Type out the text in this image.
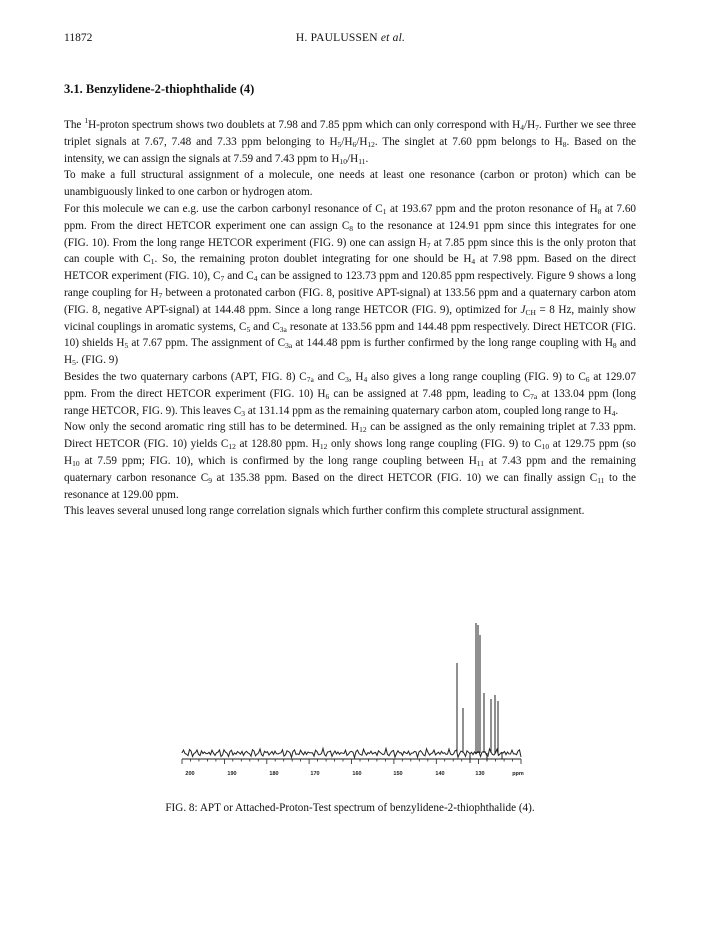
11872	H. PAULUSSEN et al.
3.1. Benzylidene-2-thiophthalide (4)

The $^1$H-proton spectrum shows two doublets at 7.98 and 7.85 ppm which can only correspond with $H_4/H_7$. Further we see three triplet signals at 7.67, 7.48 and 7.33 ppm belonging to $H_5/H_6/H_{12}$. The singlet at 7.60 ppm belongs to $H_8$. Based on the intensity, we can assign the signals at 7.59 and 7.43 ppm to $H_{10}/H_{11}$.

To make a full structural assignment of a molecule, one needs at least one resonance (carbon or proton) which can be unambiguously linked to one carbon or hydrogen atom.

For this molecule we can e.g. use the carbon carbonyl resonance of $C_1$ at 193.67 ppm and the proton resonance of $H_8$ at 7.60 ppm. From the direct HETCOR experiment one can assign $C_8$ to the resonance at 124.91 ppm since this integrates for one (FIG. 10). From the long range HETCOR experiment (FIG. 9) one can assign $H_7$ at 7.85 ppm since this is the only proton that can couple with $C_1$. So, the remaining proton doublet integrating for one should be $H_4$ at 7.98 ppm. Based on the direct HETCOR experiment (FIG. 10), $C_7$ and $C_4$ can be assigned to 123.73 ppm and 120.85 ppm respectively. Figure 9 shows a long range coupling for $H_7$ between a protonated carbon (FIG. 8, positive APT-signal) at 133.56 ppm and a quaternary carbon atom (FIG. 8, negative APT-signal) at 144.48 ppm. Since a long range HETCOR (FIG. 9), optimized for $J_{CH} = 8$ Hz, mainly show vicinal couplings in aromatic systems, $C_5$ and $C_{3a}$ resonate at 133.56 ppm and 144.48 ppm respectively. Direct HETCOR (FIG. 10) shields $H_5$ at 7.67 ppm. The assignment of $C_{3a}$ at 144.48 ppm is further confirmed by the long range coupling with $H_8$ and $H_5$. (FIG. 9)

Besides the two quaternary carbons (APT, FIG. 8) $C_{7a}$ and $C_3$, $H_4$ also gives a long range coupling (FIG. 9) to $C_6$ at 129.07 ppm. From the direct HETCOR experiment (FIG. 10) $H_6$ can be assigned at 7.48 ppm, leading to $C_{7a}$ at 133.04 ppm (long range HETCOR, FIG. 9). This leaves $C_3$ at 131.14 ppm as the remaining quaternary carbon atom, coupled long range to $H_4$.

Now only the second aromatic ring still has to be determined. $H_{12}$ can be assigned as the only remaining triplet at 7.33 ppm. Direct HETCOR (FIG. 10) yields $C_{12}$ at 128.80 ppm. $H_{12}$ only shows long range coupling (FIG. 9) to $C_{10}$ at 129.75 ppm (so $H_{10}$ at 7.59 ppm; FIG. 10), which is confirmed by the long range coupling between $H_{11}$ at 7.43 ppm and the remaining quaternary carbon resonance $C_9$ at 135.38 ppm. Based on the direct HETCOR (FIG. 10) we can finally assign $C_{11}$ to the resonance at 129.00 ppm.

This leaves several unused long range correlation signals which further confirm this complete structural assignment.

200	190	180	170	160	150	140	130	ppm
FIG. 8: APT or Attached-Proton-Test spectrum of benzylidene-2-thiophthalide (4).
